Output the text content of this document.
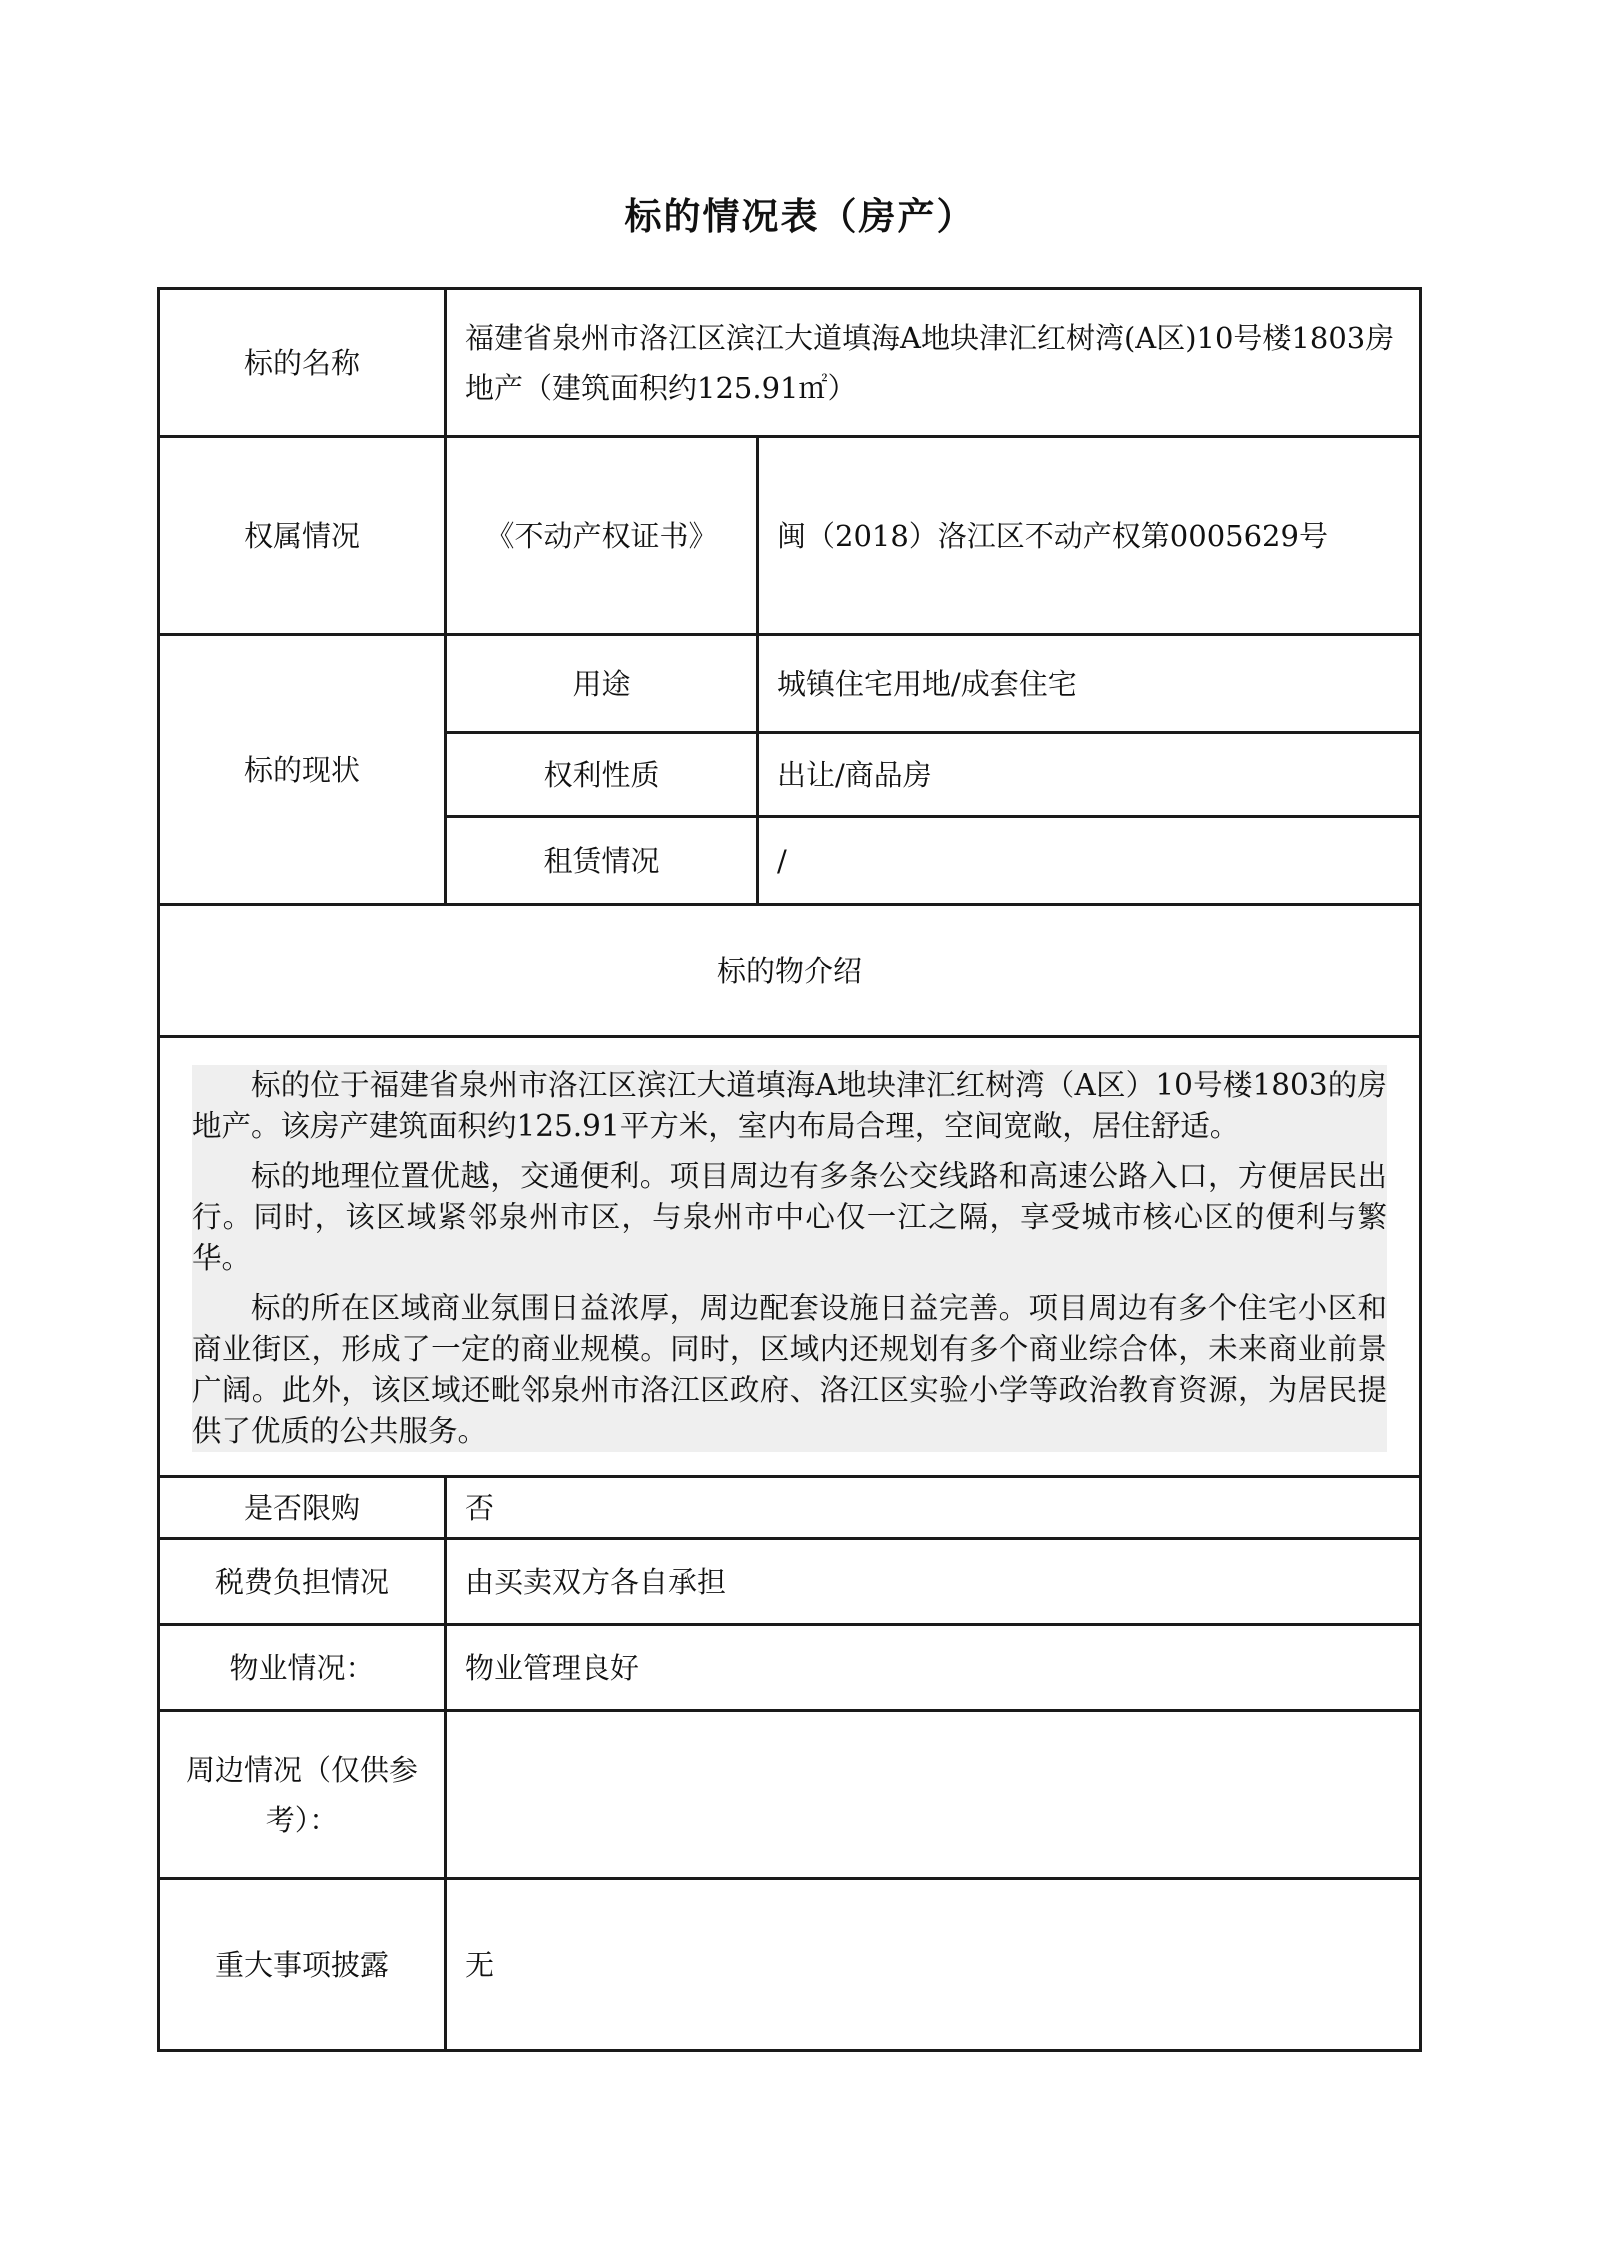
标的情况表（房产）
标的名称	福建省泉州市洛江区滨江大道填海A地块津汇红树湾(A区)10号楼1803房地产（建筑面积约125.91㎡）	
权属情况	《不动产权证书》	闽（2018）洛江区不动产权第0005629号
标的现状	用途	城镇住宅用地/成套住宅
	权利性质	出让/商品房
	租赁情况	/
标的物介绍		

标的位于福建省泉州市洛江区滨江大道填海A地块津汇红树湾（A区）10号楼1803的房地产。该房产建筑面积约125.91平方米，室内布局合理，空间宽敞，居住舒适。

标的地理位置优越，交通便利。项目周边有多条公交线路和高速公路入口，方便居民出行。同时，该区域紧邻泉州市区，与泉州市中心仅一江之隔，享受城市核心区的便利与繁华。

标的所在区域商业氛围日益浓厚，周边配套设施日益完善。项目周边有多个住宅小区和商业街区，形成了一定的商业规模。同时，区域内还规划有多个商业综合体，未来商业前景广阔。此外，该区域还毗邻泉州市洛江区政府、洛江区实验小学等政治教育资源，为居民提供了优质的公共服务。		

是否限购	否	
税费负担情况	由买卖双方各自承担	
物业情况：	物业管理良好	
周边情况（仅供参考）：		
重大事项披露	无	
